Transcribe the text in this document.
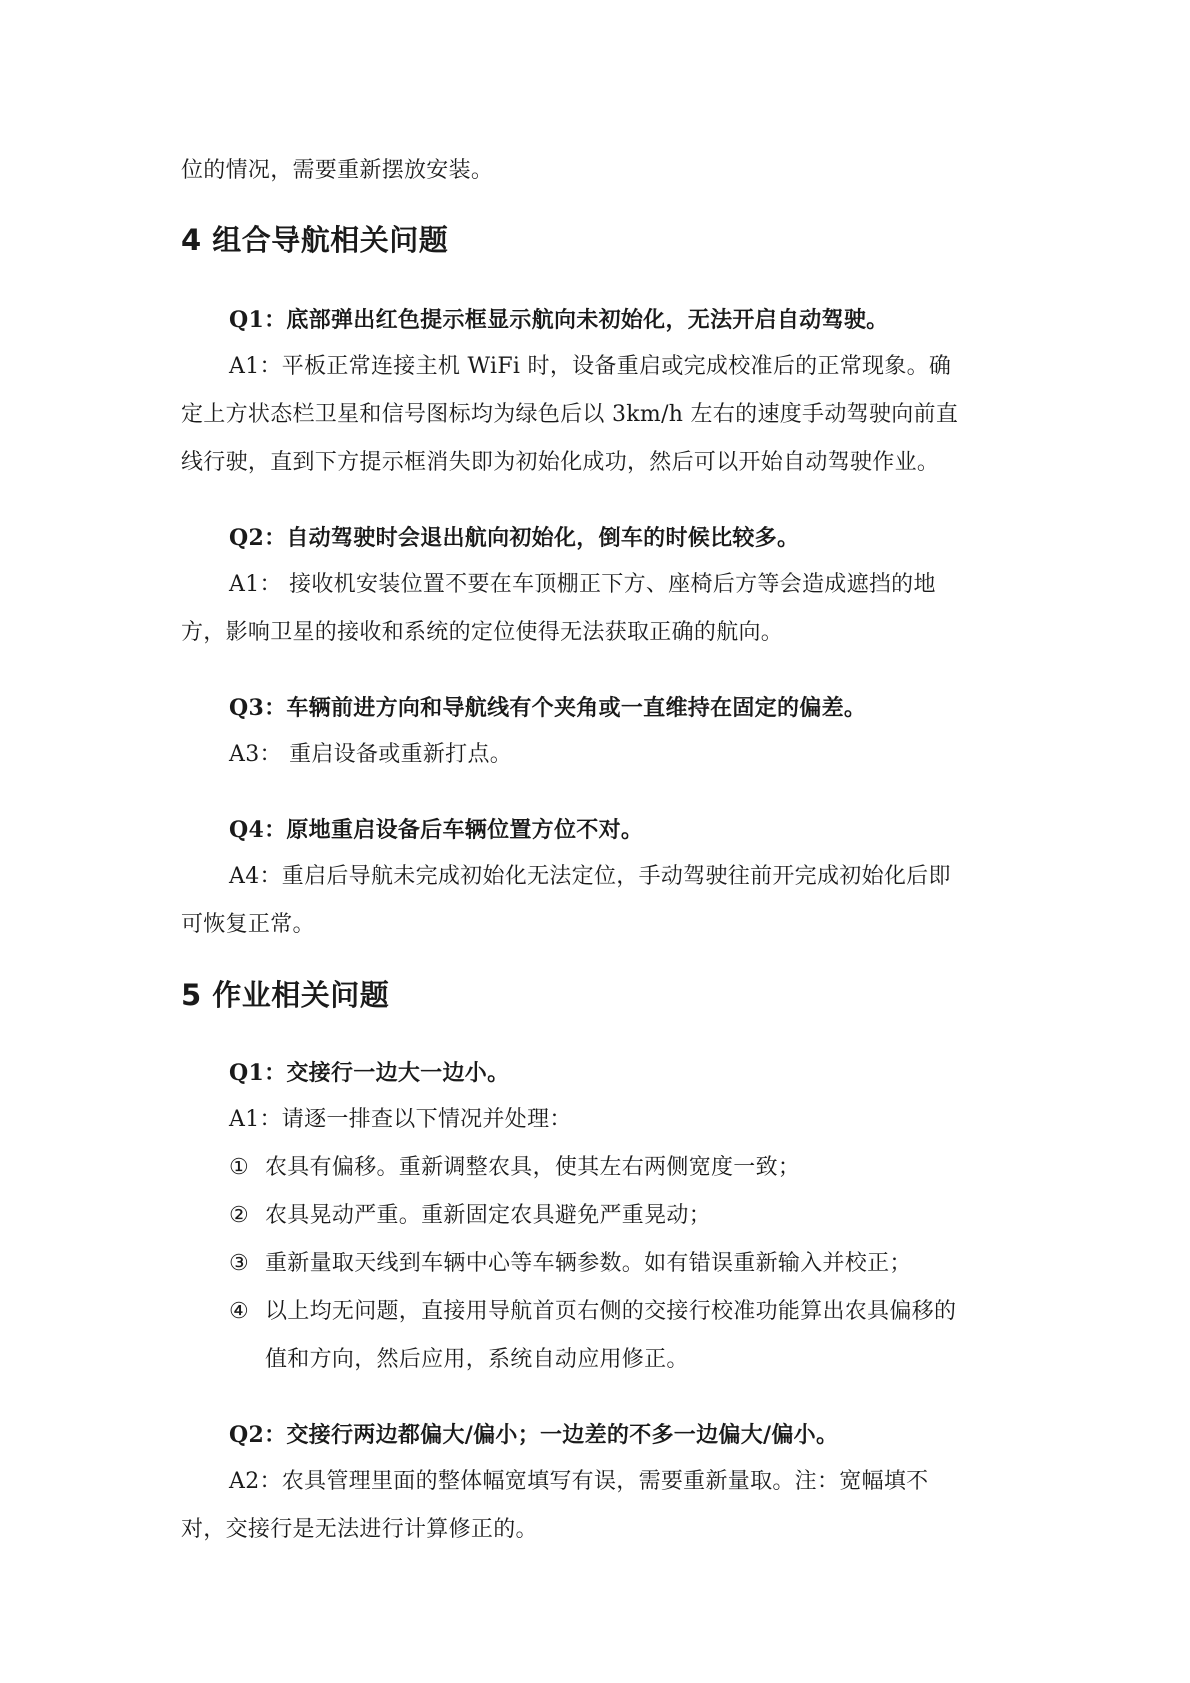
位的情况，需要重新摆放安装。

4 组合导航相关问题

Q1：底部弹出红色提示框显示航向未初始化，无法开启自动驾驶。

A1：平板正常连接主机 WiFi 时，设备重启或完成校准后的正常现象。确

定上方状态栏卫星和信号图标均为绿色后以 3km/h 左右的速度手动驾驶向前直

线行驶，直到下方提示框消失即为初始化成功，然后可以开始自动驾驶作业。

Q2：自动驾驶时会退出航向初始化，倒车的时候比较多。

A1： 接收机安装位置不要在车顶棚正下方、座椅后方等会造成遮挡的地

方，影响卫星的接收和系统的定位使得无法获取正确的航向。

Q3：车辆前进方向和导航线有个夹角或一直维持在固定的偏差。

A3： 重启设备或重新打点。

Q4：原地重启设备后车辆位置方位不对。

A4：重启后导航未完成初始化无法定位，手动驾驶往前开完成初始化后即

可恢复正常。

5 作业相关问题

Q1：交接行一边大一边小。

A1：请逐一排查以下情况并处理：

① 农具有偏移。重新调整农具，使其左右两侧宽度一致；

② 农具晃动严重。重新固定农具避免严重晃动；

③ 重新量取天线到车辆中心等车辆参数。如有错误重新输入并校正；

④ 以上均无问题，直接用导航首页右侧的交接行校准功能算出农具偏移的

值和方向，然后应用，系统自动应用修正。

Q2：交接行两边都偏大/偏小；一边差的不多一边偏大/偏小。

A2：农具管理里面的整体幅宽填写有误，需要重新量取。注：宽幅填不

对，交接行是无法进行计算修正的。
